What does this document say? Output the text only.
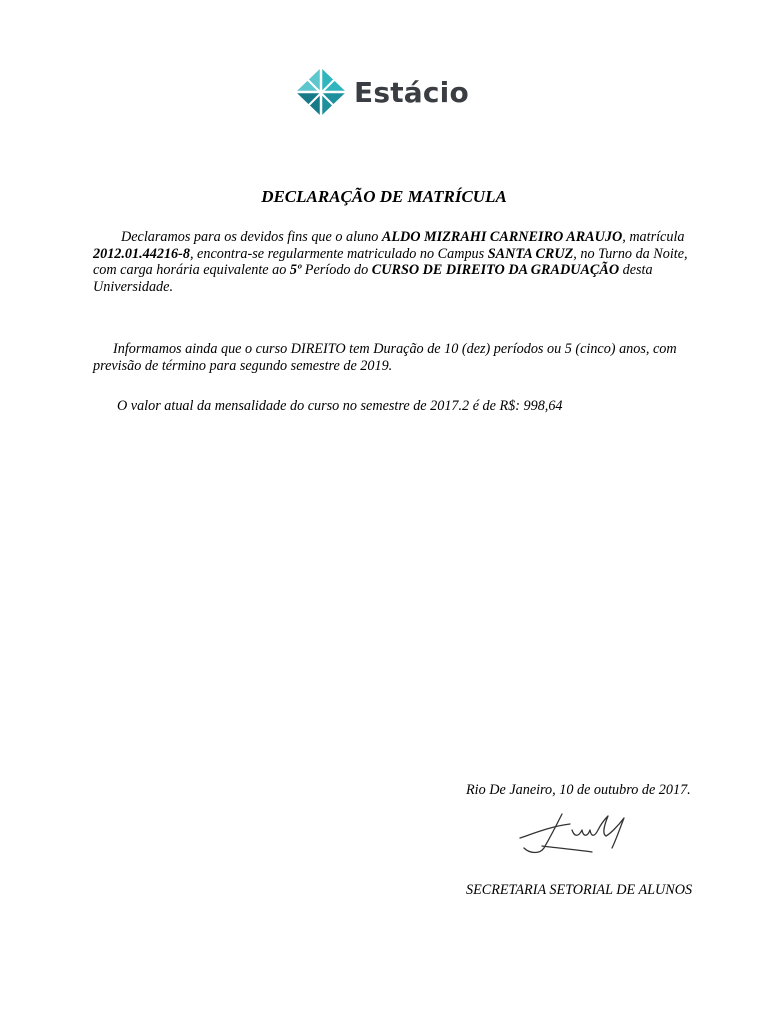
Estácio
DECLARAÇÃO DE MATRÍCULA
Declaramos para os devidos fins que o aluno ALDO MIZRAHI CARNEIRO ARAUJO, matrícula 2012.01.44216-8, encontra-se regularmente matriculado no Campus SANTA CRUZ, no Turno da Noite, com carga horária equivalente ao 5º Período do CURSO DE DIREITO DA GRADUAÇÃO desta Universidade.
Informamos ainda que o curso DIREITO tem Duração de 10 (dez) períodos ou 5 (cinco) anos, com previsão de término para segundo semestre de 2019.
O valor atual da mensalidade do curso no semestre de 2017.2 é de R$: 998,64
Rio De Janeiro, 10 de outubro de 2017.
SECRETARIA SETORIAL DE ALUNOS
